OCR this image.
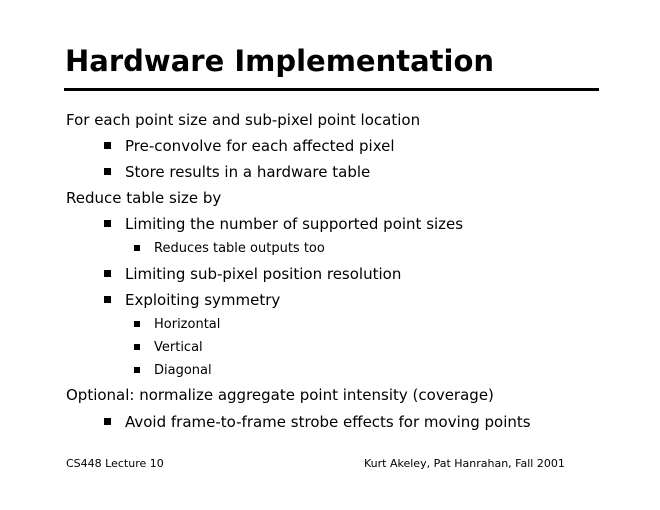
Hardware Implementation
For each point size and sub-pixel point location
Pre-convolve for each affected pixel
Store results in a hardware table
Reduce table size by
Limiting the number of supported point sizes
Reduces table outputs too
Limiting sub-pixel position resolution
Exploiting symmetry
Horizontal
Vertical
Diagonal
Optional: normalize aggregate point intensity (coverage)
Avoid frame-to-frame strobe effects for moving points
CS448 Lecture 10	Kurt Akeley, Pat Hanrahan, Fall 2001
